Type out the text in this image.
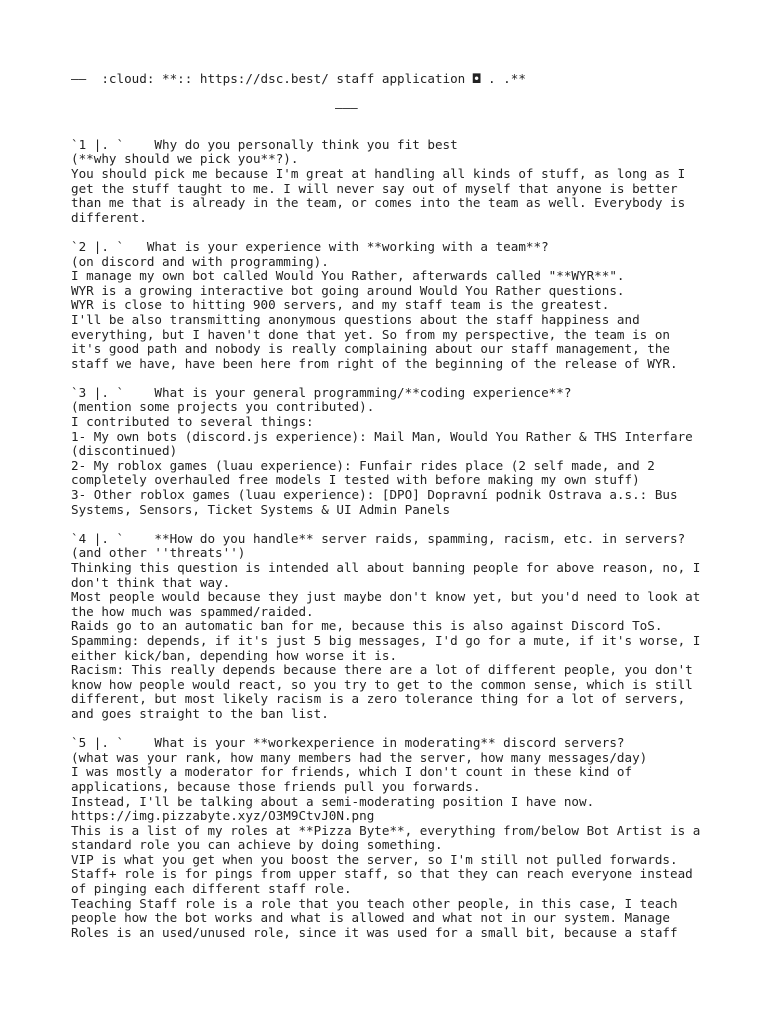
——  :cloud: **:: https://dsc.best/ staff application ◘ . .**
———
`1 |. `    Why do you personally think you fit best
(**why should we pick you**?).
You should pick me because I'm great at handling all kinds of stuff, as long as I
get the stuff taught to me. I will never say out of myself that anyone is better
than me that is already in the team, or comes into the team as well. Everybody is
different.
`2 |. `   What is your experience with **working with a team**?
(on discord and with programming).
I manage my own bot called Would You Rather, afterwards called "**WYR**".
WYR is a growing interactive bot going around Would You Rather questions.
WYR is close to hitting 900 servers, and my staff team is the greatest.
I'll be also transmitting anonymous questions about the staff happiness and
everything, but I haven't done that yet. So from my perspective, the team is on
it's good path and nobody is really complaining about our staff management, the
staff we have, have been here from right of the beginning of the release of WYR.
`3 |. `    What is your general programming/**coding experience**?
(mention some projects you contributed).
I contributed to several things:
1- My own bots (discord.js experience): Mail Man, Would You Rather & THS Interfare
(discontinued)
2- My roblox games (luau experience): Funfair rides place (2 self made, and 2
completely overhauled free models I tested with before making my own stuff)
3- Other roblox games (luau experience): [DPO] Dopravní podnik Ostrava a.s.: Bus
Systems, Sensors, Ticket Systems & UI Admin Panels
`4 |. `    **How do you handle** server raids, spamming, racism, etc. in servers?
(and other ''threats'')
Thinking this question is intended all about banning people for above reason, no, I
don't think that way.
Most people would because they just maybe don't know yet, but you'd need to look at
the how much was spammed/raided.
Raids go to an automatic ban for me, because this is also against Discord ToS.
Spamming: depends, if it's just 5 big messages, I'd go for a mute, if it's worse, I
either kick/ban, depending how worse it is.
Racism: This really depends because there are a lot of different people, you don't
know how people would react, so you try to get to the common sense, which is still
different, but most likely racism is a zero tolerance thing for a lot of servers,
and goes straight to the ban list.
`5 |. `    What is your **workexperience in moderating** discord servers?
(what was your rank, how many members had the server, how many messages/day)
I was mostly a moderator for friends, which I don't count in these kind of
applications, because those friends pull you forwards.
Instead, I'll be talking about a semi-moderating position I have now.
https://img.pizzabyte.xyz/O3M9CtvJ0N.png
This is a list of my roles at **Pizza Byte**, everything from/below Bot Artist is a
standard role you can achieve by doing something.
VIP is what you get when you boost the server, so I'm still not pulled forwards.
Staff+ role is for pings from upper staff, so that they can reach everyone instead
of pinging each different staff role.
Teaching Staff role is a role that you teach other people, in this case, I teach
people how the bot works and what is allowed and what not in our system. Manage
Roles is an used/unused role, since it was used for a small bit, because a staff
